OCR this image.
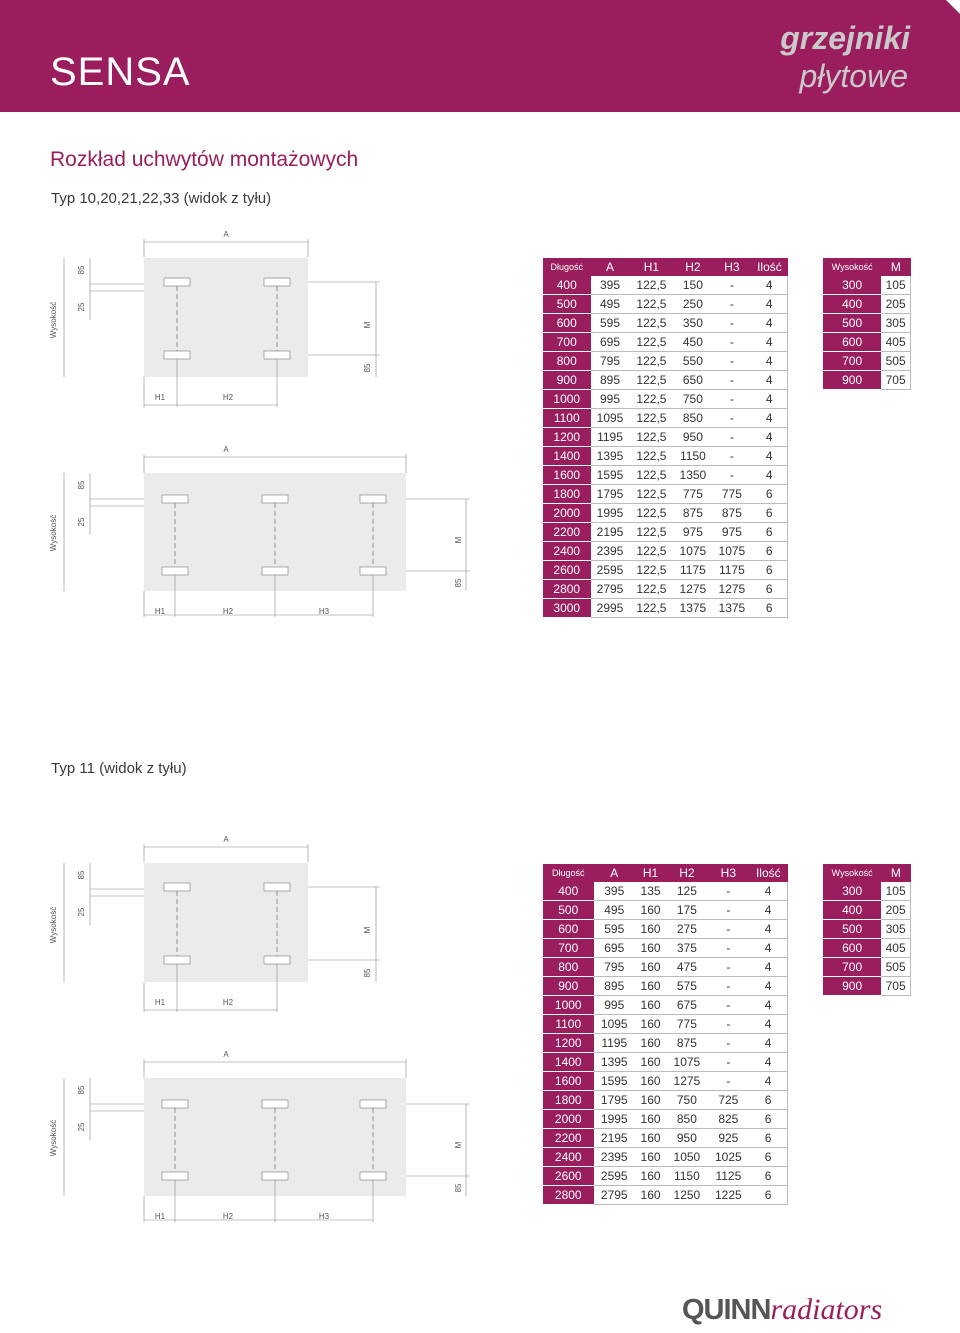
SENSA
grzejniki
płytowe
Rozkład uchwytów montażowych
Typ 10,20,21,22,33 (widok z tyłu)
A
Wysokość
85
25
M
85
H1	H2
A
Wysokość
85
25
M
85
H1	H2	H3
Długość	A	H1	H2	H3	Ilość
400	395	122,5	150	-	4
500	495	122,5	250	-	4
600	595	122,5	350	-	4
700	695	122,5	450	-	4
800	795	122,5	550	-	4
900	895	122,5	650	-	4
1000	995	122,5	750	-	4
1100	1095	122,5	850	-	4
1200	1195	122,5	950	-	4
1400	1395	122,5	1150	-	4
1600	1595	122,5	1350	-	4
1800	1795	122,5	775	775	6
2000	1995	122,5	875	875	6
2200	2195	122,5	975	975	6
2400	2395	122,5	1075	1075	6
2600	2595	122,5	1175	1175	6
2800	2795	122,5	1275	1275	6
3000	2995	122,5	1375	1375	6
Wysokość	M
300	105
400	205
500	305
600	405
700	505
900	705
Typ 11 (widok z tyłu)
A
Wysokość
85
25
M
85
H1	H2
A
Wysokość
85
25
M
85
H1	H2	H3
Długość	A	H1	H2	H3	Ilość
400	395	135	125	-	4
500	495	160	175	-	4
600	595	160	275	-	4
700	695	160	375	-	4
800	795	160	475	-	4
900	895	160	575	-	4
1000	995	160	675	-	4
1100	1095	160	775	-	4
1200	1195	160	875	-	4
1400	1395	160	1075	-	4
1600	1595	160	1275	-	4
1800	1795	160	750	725	6
2000	1995	160	850	825	6
2200	2195	160	950	925	6
2400	2395	160	1050	1025	6
2600	2595	160	1150	1125	6
2800	2795	160	1250	1225	6
Wysokość	M
300	105
400	205
500	305
600	405
700	505
900	705
QUINNradiators
